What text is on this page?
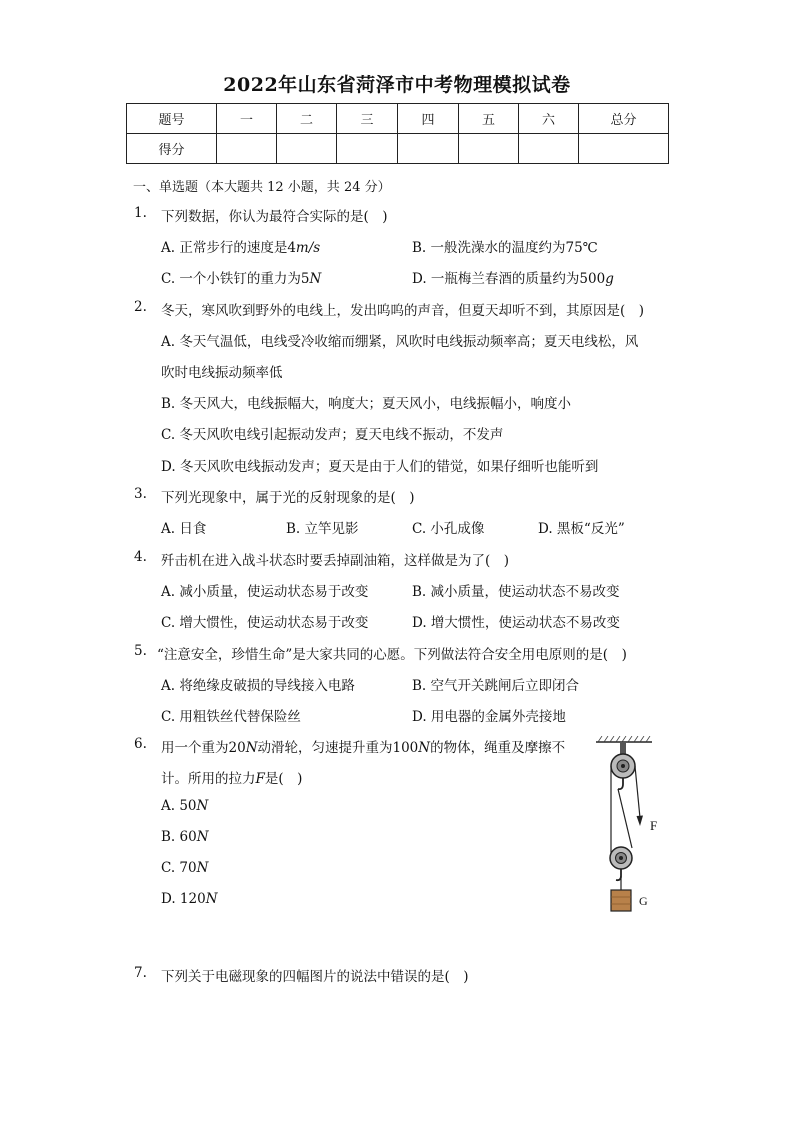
2022年山东省菏泽市中考物理模拟试卷
题号	一	二	三	四	五	六	总分
得分							
一、单选题（本大题共 12 小题，共 24 分）
1. 下列数据，你认为最符合实际的是(　)
A. 正常步行的速度是4m/s	B. 一般洗澡水的温度约为75℃
C. 一个小铁钉的重力为5N	D. 一瓶梅兰春酒的质量约为500g
2. 冬天，寒风吹到野外的电线上，发出呜呜的声音，但夏天却听不到，其原因是(　)
A. 冬天气温低，电线受冷收缩而绷紧，风吹时电线振动频率高；夏天电线松，风
吹时电线振动频率低
B. 冬天风大，电线振幅大，响度大；夏天风小，电线振幅小，响度小
C. 冬天风吹电线引起振动发声；夏天电线不振动，不发声
D. 冬天风吹电线振动发声；夏天是由于人们的错觉，如果仔细听也能听到
3. 下列光现象中，属于光的反射现象的是(　)
A. 日食	B. 立竿见影	C. 小孔成像	D. 黑板“反光”
4. 歼击机在进入战斗状态时要丢掉副油箱，这样做是为了(　)
A. 减小质量，使运动状态易于改变	B. 减小质量，使运动状态不易改变
C. 增大惯性，使运动状态易于改变	D. 增大惯性，使运动状态不易改变
5. “注意安全，珍惜生命”是大家共同的心愿。下列做法符合安全用电原则的是(　)
A. 将绝缘皮破损的导线接入电路	B. 空气开关跳闸后立即闭合
C. 用粗铁丝代替保险丝	D. 用电器的金属外壳接地
6. 用一个重为20N动滑轮，匀速提升重为100N的物体，绳重及摩擦不
计。所用的拉力F是(　)
A. 50N
B. 60N
C. 70N
D. 120N
F
G
7. 下列关于电磁现象的四幅图片的说法中错误的是(　)
